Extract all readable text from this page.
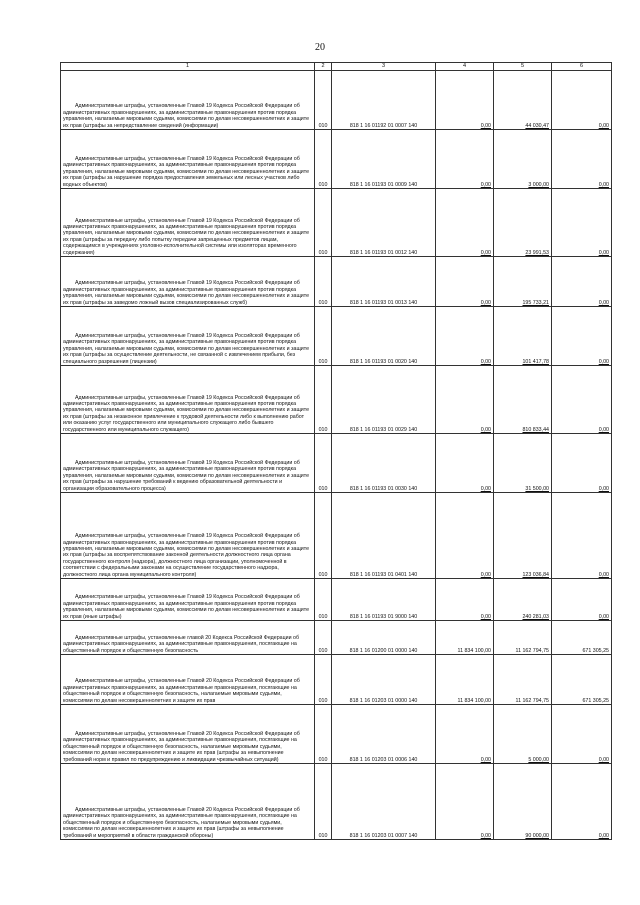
20
1	2	3	4	5	6
Административные штрафы, установленные Главой 19 Кодекса Российской Федерации об административных правонарушениях, за административные правонарушения против порядка управления, налагаемые мировыми судьями, комиссиями по делам несовершеннолетних и защите их прав (штрафы за непредставление сведений (информации)	010	818 1 16 01192 01 0007 140	0,00	44 030,47	0,00
Административные штрафы, установленные Главой 19 Кодекса Российской Федерации об административных правонарушениях, за административные правонарушения против порядка управления, налагаемые мировыми судьями, комиссиями по делам несовершеннолетних и защите их прав (штрафы за нарушение порядка предоставления земельных или лесных участков либо водных объектов)	010	818 1 16 01193 01 0009 140	0,00	3 000,00	0,00
Административные штрафы, установленные Главой 19 Кодекса Российской Федерации об административных правонарушениях, за административные правонарушения против порядка управления, налагаемые мировыми судьями, комиссиями по делам несовершеннолетних и защите их прав (штрафы за передачу либо попытку передачи запрещенных предметов лицам, содержащимся в учреждениях уголовно-исполнительной системы или изоляторах временного содержания)	010	818 1 16 01193 01 0012 140	0,00	23 991,53	0,00
Административные штрафы, установленные Главой 19 Кодекса Российской Федерации об административных правонарушениях, за административные правонарушения против порядка управления, налагаемые мировыми судьями, комиссиями по делам несовершеннолетних и защите их прав (штрафы за заведомо ложный вызов специализированных служб)	010	818 1 16 01193 01 0013 140	0,00	195 733,21	0,00
Административные штрафы, установленные Главой 19 Кодекса Российской Федерации об административных правонарушениях, за административные правонарушения против порядка управления, налагаемые мировыми судьями, комиссиями по делам несовершеннолетних и защите их прав (штрафы за осуществление деятельности, не связанной с извлечением прибыли, без специального разрешения (лицензии)	010	818 1 16 01193 01 0020 140	0,00	101 417,78	0,00
Административные штрафы, установленные Главой 19 Кодекса Российской Федерации об административных правонарушениях, за административные правонарушения против порядка управления, налагаемые мировыми судьями, комиссиями по делам несовершеннолетних и защите их прав (штрафы за незаконное привлечение к трудовой деятельности либо к выполнению работ или оказанию услуг государственного или муниципального служащего либо бывшего государственного или муниципального служащего)	010	818 1 16 01193 01 0029 140	0,00	810 833,44	0,00
Административные штрафы, установленные Главой 19 Кодекса Российской Федерации об административных правонарушениях, за административные правонарушения против порядка управления, налагаемые мировыми судьями, комиссиями по делам несовершеннолетних и защите их прав (штрафы за нарушение требований к ведению образовательной деятельности и организации образовательного процесса)	010	818 1 16 01193 01 0030 140	0,00	31 500,00	0,00
Административные штрафы, установленные Главой 19 Кодекса Российской Федерации об административных правонарушениях, за административные правонарушения против порядка управления, налагаемые мировыми судьями, комиссиями по делам несовершеннолетних и защите их прав (штрафы за воспрепятствование законной деятельности должностного лица органа государственного контроля (надзора), должностного лица организации, уполномоченной в соответствии с федеральными законами на осуществление государственного надзора, должностного лица органа муниципального контроля)	010	818 1 16 01193 01 0401 140	0,00	123 036,84	0,00
Административные штрафы, установленные Главой 19 Кодекса Российской Федерации об административных правонарушениях, за административные правонарушения против порядка управления, налагаемые мировыми судьями, комиссиями по делам несовершеннолетних и защите их прав (иные штрафы)	010	818 1 16 01193 01 9000 140	0,00	240 281,03	0,00
Административные штрафы, установленные главой 20 Кодекса Российской Федерации об административных правонарушениях, за административные правонарушения, посягающие на общественный порядок и общественную безопасность	010	818 1 16 01200 01 0000 140	11 834 100,00	11 162 794,75	671 305,25
Административные штрафы, установленные Главой 20 Кодекса Российской Федерации об административных правонарушениях, за административные правонарушения, посягающие на общественный порядок и общественную безопасность, налагаемые мировыми судьями, комиссиями по делам несовершеннолетних и защите их прав	010	818 1 16 01203 01 0000 140	11 834 100,00	11 162 794,75	671 305,25
Административные штрафы, установленные Главой 20 Кодекса Российской Федерации об административных правонарушениях, за административные правонарушения, посягающие на общественный порядок и общественную безопасность, налагаемые мировыми судьями, комиссиями по делам несовершеннолетних и защите их прав (штрафы за невыполнение требований норм и правил по предупреждению и ликвидации чрезвычайных ситуаций)	010	818 1 16 01203 01 0006 140	0,00	5 000,00	0,00
Административные штрафы, установленные Главой 20 Кодекса Российской Федерации об административных правонарушениях, за административные правонарушения, посягающие на общественный порядок и общественную безопасность, налагаемые мировыми судьями, комиссиями по делам несовершеннолетних и защите их прав (штрафы за невыполнение требований и мероприятий в области гражданской обороны)	010	818 1 16 01203 01 0007 140	0,00	90 000,00	0,00
